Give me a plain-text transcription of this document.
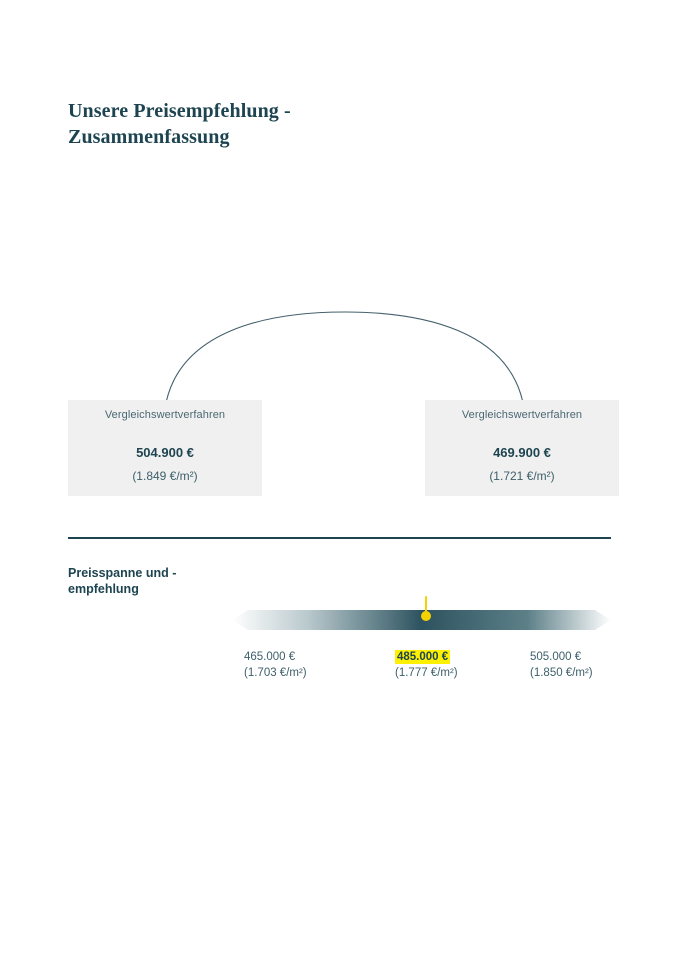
Unsere Preisempfehlung - Zusammenfassung
Vergleichswertverfahren
504.900 €
(1.849 €/m²)
Vergleichswertverfahren
469.900 €
(1.721 €/m²)
Preisspanne und -empfehlung
465.000 €
(1.703 €/m²)
485.000 €
(1.777 €/m²)
505.000 €
(1.850 €/m²)
